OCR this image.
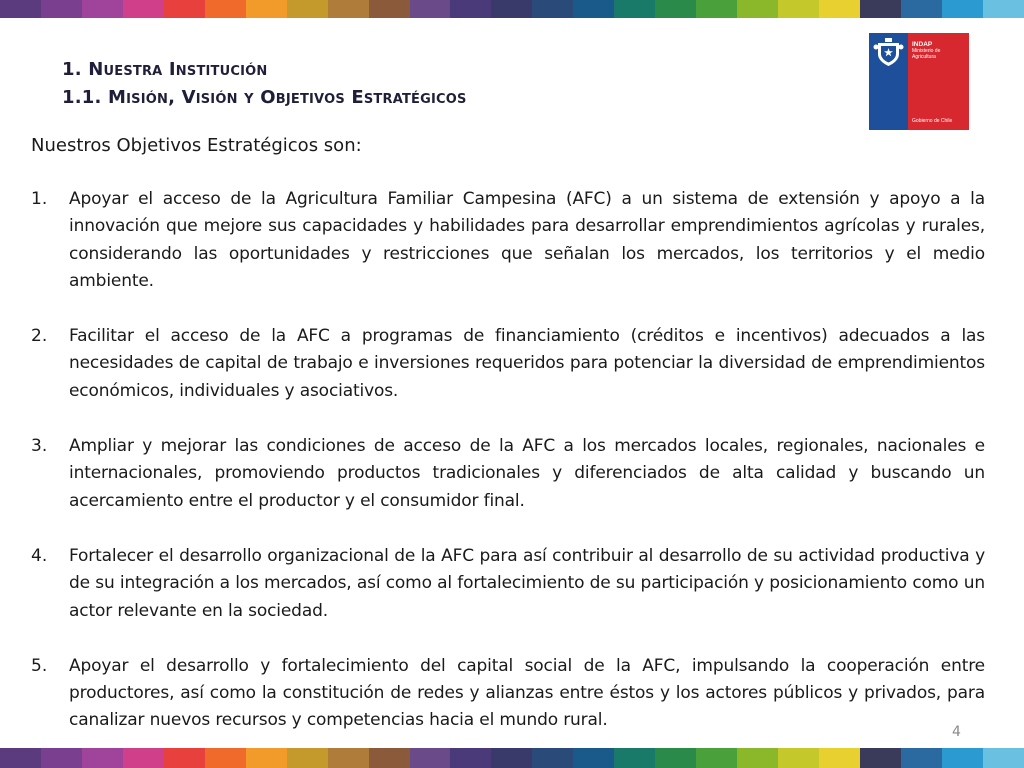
1. Nuestra Institución
1.1. Misión, Visión y Objetivos Estratégicos
INDAP
Ministerio de
Agricultura
Gobierno de Chile
Nuestros Objetivos Estratégicos son:
1.	Apoyar el acceso de la Agricultura Familiar Campesina (AFC) a un sistema de extensión y apoyo a la innovación que mejore sus capacidades y habilidades para desarrollar emprendimientos agrícolas y rurales, considerando las oportunidades y restricciones que señalan los mercados, los territorios y el medio ambiente.
2.	Facilitar el acceso de la AFC a programas de financiamiento (créditos e incentivos) adecuados a las necesidades de capital de trabajo e inversiones requeridos para potenciar la diversidad de emprendimientos económicos, individuales y asociativos.
3.	Ampliar y mejorar las condiciones de acceso de la AFC a los mercados locales, regionales, nacionales e internacionales, promoviendo productos tradicionales y diferenciados de alta calidad y buscando un acercamiento entre el productor y el consumidor final.
4.	Fortalecer el desarrollo organizacional de la AFC para así contribuir al desarrollo de su actividad productiva y de su integración a los mercados, así como al fortalecimiento de su participación y posicionamiento como un actor relevante en la sociedad.
5.	Apoyar el desarrollo y fortalecimiento del capital social de la AFC, impulsando la cooperación entre productores, así como la constitución de redes y alianzas entre éstos y los actores públicos y privados, para canalizar nuevos recursos y competencias hacia el mundo rural.
4
